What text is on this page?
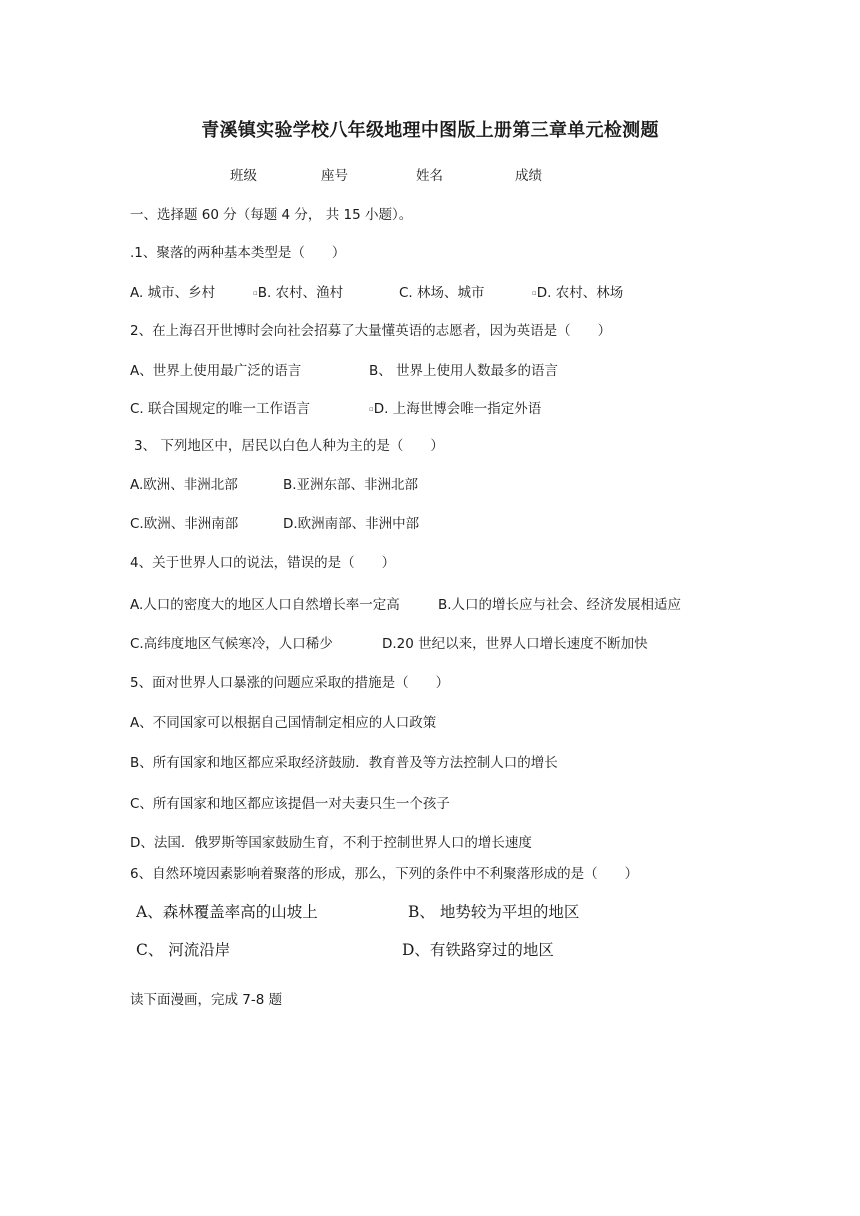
青溪镇实验学校八年级地理中图版上册第三章单元检测题
班级	座号	姓名	成绩
一、选择题 60 分（每题 4 分， 共 15 小题）。
.1、聚落的两种基本类型是（　　）
A. 城市、乡村	▫B. 农村、渔村	C. 林场、城市	▫D. 农村、林场
2、在上海召开世博时会向社会招募了大量懂英语的志愿者，因为英语是（　　）
A、世界上使用最广泛的语言	B、 世界上使用人数最多的语言
C. 联合国规定的唯一工作语言	▫D. 上海世博会唯一指定外语
3、 下列地区中，居民以白色人种为主的是（　　）
A.欧洲、非洲北部	B.亚洲东部、非洲北部
C.欧洲、非洲南部	D.欧洲南部、非洲中部
4、关于世界人口的说法，错误的是（　　）
A.人口的密度大的地区人口自然增长率一定高	B.人口的增长应与社会、经济发展相适应
C.高纬度地区气候寒冷，人口稀少	D.20 世纪以来，世界人口增长速度不断加快
5、面对世界人口暴涨的问题应采取的措施是（　　）
A、不同国家可以根据自己国情制定相应的人口政策
B、所有国家和地区都应采取经济鼓励．教育普及等方法控制人口的增长
C、所有国家和地区都应该提倡一对夫妻只生一个孩子
D、法国．俄罗斯等国家鼓励生育，不利于控制世界人口的增长速度
6、自然环境因素影响着聚落的形成，那么，下列的条件中不利聚落形成的是（　　）
A、森林覆盖率高的山坡上	B、 地势较为平坦的地区
C、 河流沿岸	D、有铁路穿过的地区
读下面漫画，完成 7-8 题
